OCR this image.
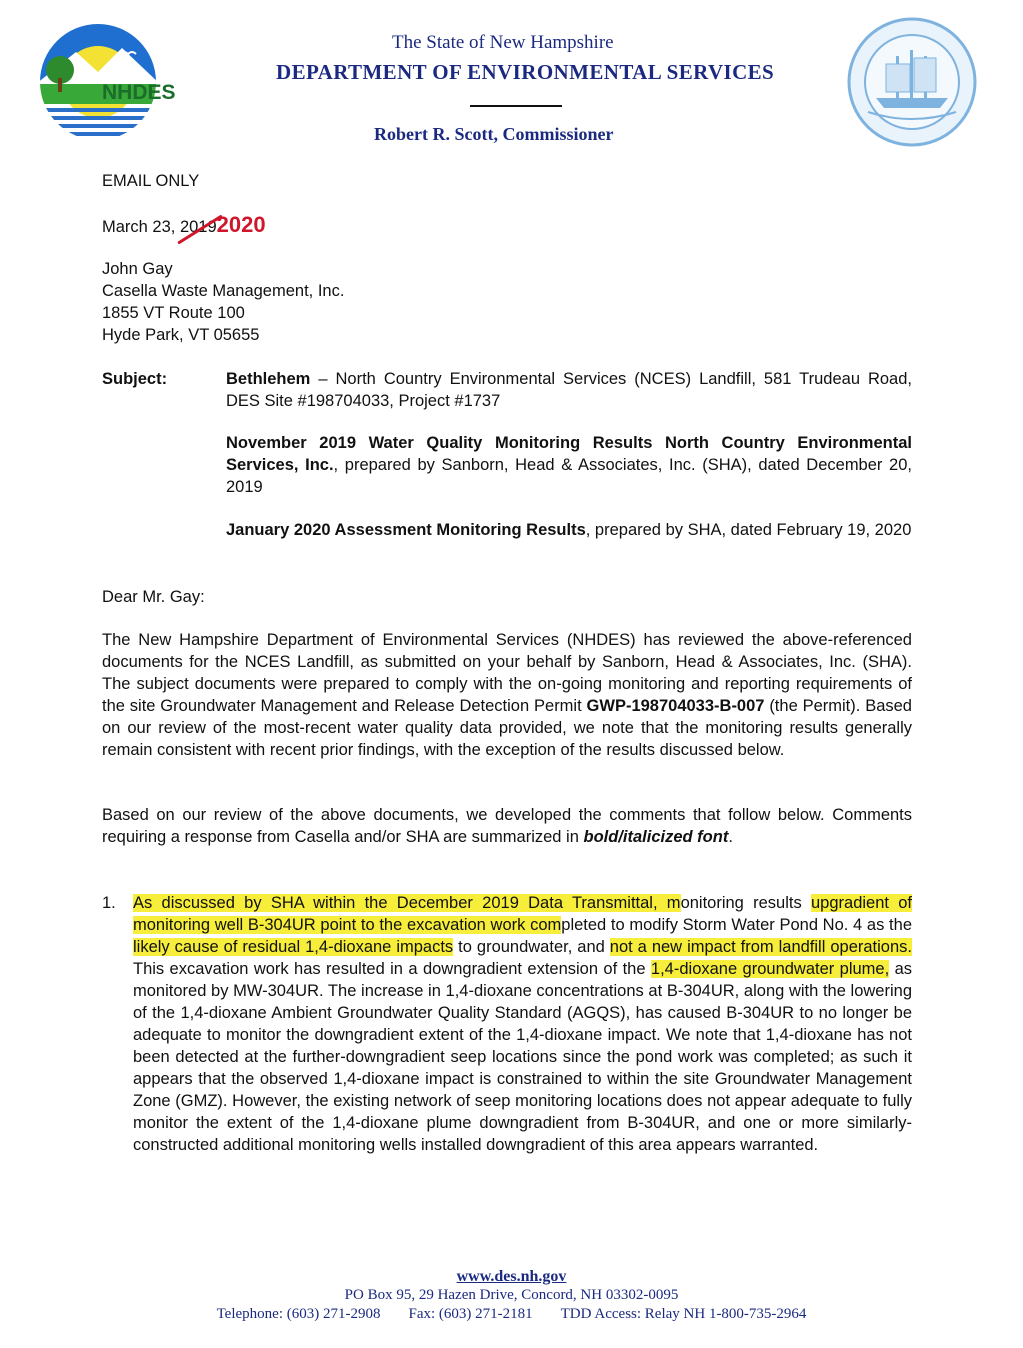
NHDES
The State of New Hampshire
DEPARTMENT OF ENVIRONMENTAL SERVICES
Robert R. Scott, Commissioner
EMAIL ONLY
March 23, 2019
2020
John Gay
Casella Waste Management, Inc.
1855 VT Route 100
Hyde Park, VT 05655
Subject:	Bethlehem – North Country Environmental Services (NCES) Landfill, 581 Trudeau Road, DES Site #198704033, Project #1737
November 2019 Water Quality Monitoring Results North Country Environmental Services, Inc., prepared by Sanborn, Head & Associates, Inc. (SHA), dated December 20, 2019
January 2020 Assessment Monitoring Results, prepared by SHA, dated February 19, 2020
Dear Mr. Gay:
The New Hampshire Department of Environmental Services (NHDES) has reviewed the above-referenced documents for the NCES Landfill, as submitted on your behalf by Sanborn, Head & Associates, Inc. (SHA). The subject documents were prepared to comply with the on-going monitoring and reporting requirements of the site Groundwater Management and Release Detection Permit GWP-198704033-B-007 (the Permit). Based on our review of the most-recent water quality data provided, we note that the monitoring results generally remain consistent with recent prior findings, with the exception of the results discussed below.
Based on our review of the above documents, we developed the comments that follow below. Comments requiring a response from Casella and/or SHA are summarized in bold/italicized font.
1. As discussed by SHA within the December 2019 Data Transmittal, monitoring results upgradient of monitoring well B-304UR point to the excavation work completed to modify Storm Water Pond No. 4 as the likely cause of residual 1,4-dioxane impacts to groundwater, and not a new impact from landfill operations. This excavation work has resulted in a downgradient extension of the 1,4-dioxane groundwater plume, as monitored by MW-304UR. The increase in 1,4-dioxane concentrations at B-304UR, along with the lowering of the 1,4-dioxane Ambient Groundwater Quality Standard (AGQS), has caused B-304UR to no longer be adequate to monitor the downgradient extent of the 1,4-dioxane impact. We note that 1,4-dioxane has not been detected at the further-downgradient seep locations since the pond work was completed; as such it appears that the observed 1,4-dioxane impact is constrained to within the site Groundwater Management Zone (GMZ). However, the existing network of seep monitoring locations does not appear adequate to fully monitor the extent of the 1,4-dioxane plume downgradient from B-304UR, and one or more similarly-constructed additional monitoring wells installed downgradient of this area appears warranted.
www.des.nh.gov
PO Box 95, 29 Hazen Drive, Concord, NH 03302-0095
Telephone: (603) 271-2908 Fax: (603) 271-2181 TDD Access: Relay NH 1-800-735-2964
